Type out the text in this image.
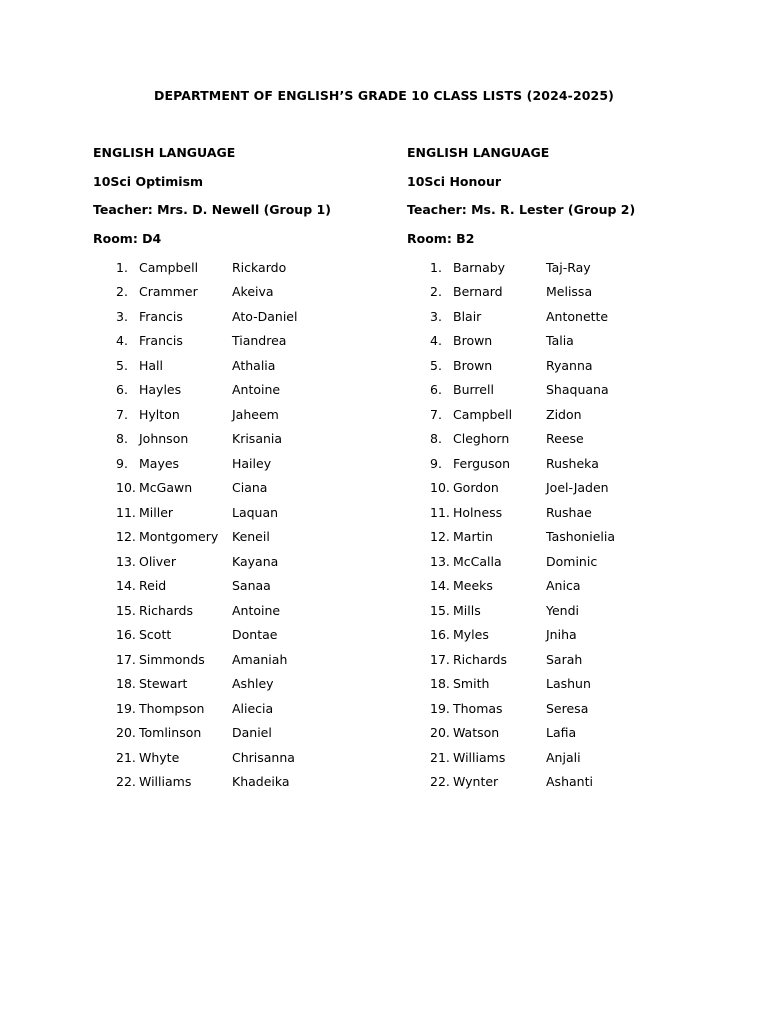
DEPARTMENT OF ENGLISH’S GRADE 10 CLASS LISTS (2024-2025)
ENGLISH LANGUAGE
10Sci Optimism
Teacher: Mrs. D. Newell (Group 1)
Room: D4
1. Campbell	Rickardo
2. Crammer	Akeiva
3. Francis	Ato-Daniel
4. Francis	Tiandrea
5. Hall	Athalia
6. Hayles	Antoine
7. Hylton	Jaheem
8. Johnson	Krisania
9. Mayes	Hailey
10. McGawn	Ciana
11. Miller	Laquan
12. Montgomery Keneil
13. Oliver	Kayana
14. Reid	Sanaa
15. Richards	Antoine
16. Scott	Dontae
17. Simmonds Amaniah
18. Stewart	Ashley
19. Thompson Aliecia
20. Tomlinson Daniel
21. Whyte	Chrisanna
22. Williams	Khadeika
ENGLISH LANGUAGE
10Sci Honour
Teacher: Ms. R. Lester (Group 2)
Room: B2
1. Barnaby	Taj-Ray
2. Bernard	Melissa
3. Blair	Antonette
4. Brown	Talia
5. Brown	Ryanna
6. Burrell	Shaquana
7. Campbell	Zidon
8. Cleghorn	Reese
9. Ferguson	Rusheka
10. Gordon	Joel-Jaden
11. Holness	Rushae
12. Martin	Tashonielia
13. McCalla	Dominic
14. Meeks	Anica
15. Mills	Yendi
16. Myles	Jniha
17. Richards	Sarah
18. Smith	Lashun
19. Thomas	Seresa
20. Watson	Lafia
21. Williams	Anjali
22. Wynter	Ashanti
